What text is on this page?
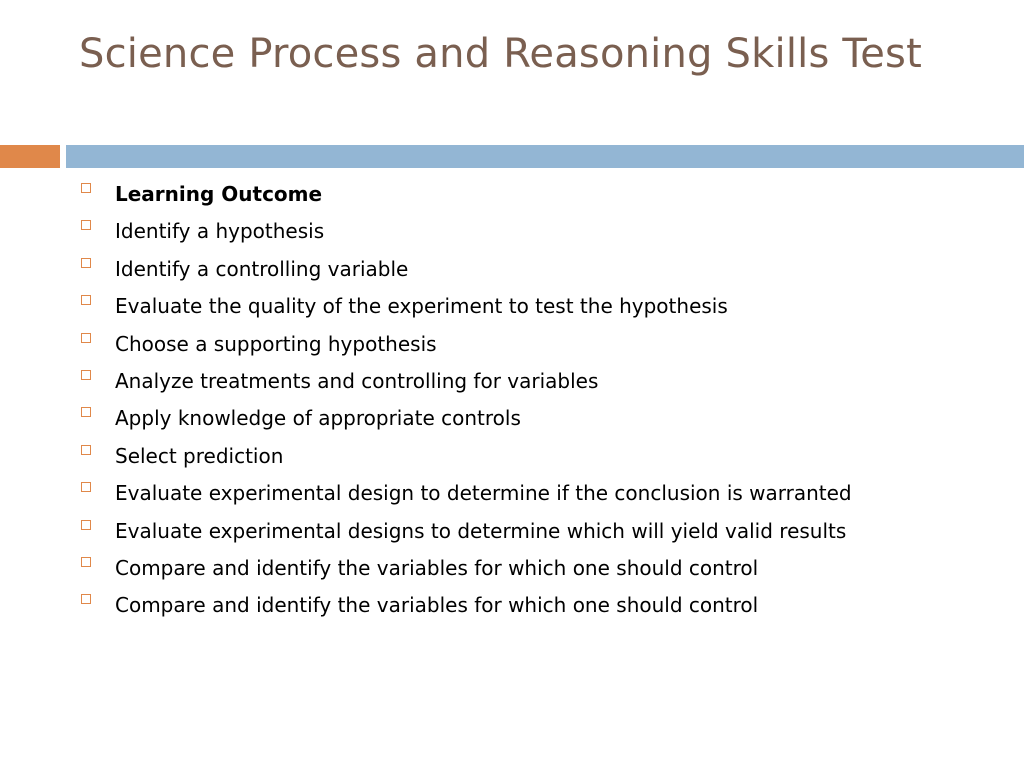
Science Process and Reasoning Skills Test
Learning Outcome
Identify a hypothesis
Identify a controlling variable
Evaluate the quality of the experiment to test the hypothesis
Choose a supporting hypothesis
Analyze treatments and controlling for variables
Apply knowledge of appropriate controls
Select prediction
Evaluate experimental design to determine if the conclusion is warranted
Evaluate experimental designs to determine which will yield valid results
Compare and identify the variables for which one should control
Compare and identify the variables for which one should control
